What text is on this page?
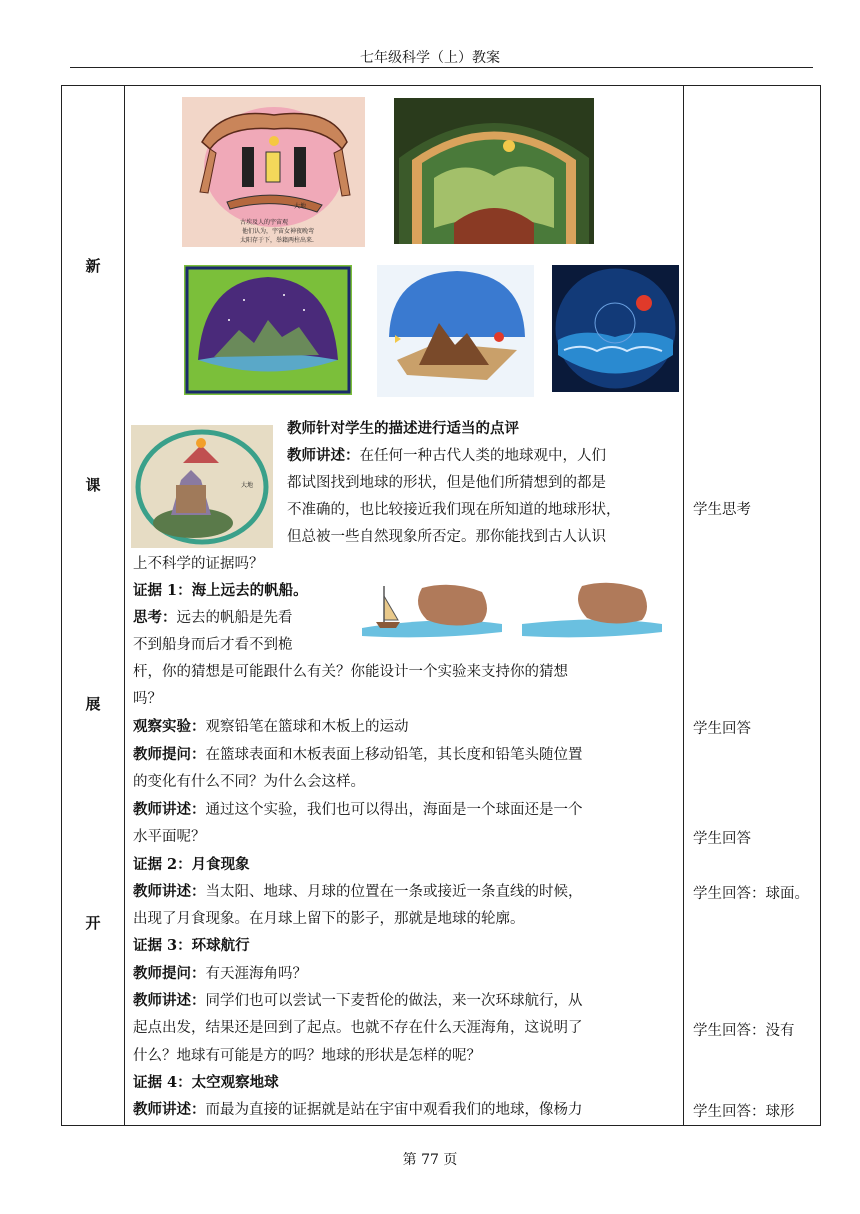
七年级科学（上）教案
新
课
展
开
大地
古埃及人的宇宙观
他们认为，宇宙女神夜晚弯
太阳存于下，举籍两柱出来.
大地
教师针对学生的描述进行适当的点评
教师讲述：在任何一种古代人类的地球观中，人们
都试图找到地球的形状，但是他们所猜想到的都是
不准确的，也比较接近我们现在所知道的地球形状，
但总被一些自然现象所否定。那你能找到古人认识
上不科学的证据吗？
证据 1：海上远去的帆船。
思考：远去的帆船是先看
不到船身而后才看不到桅
杆，你的猜想是可能跟什么有关？你能设计一个实验来支持你的猜想
吗？
观察实验：观察铅笔在篮球和木板上的运动
教师提问：在篮球表面和木板表面上移动铅笔，其长度和铅笔头随位置
的变化有什么不同？为什么会这样。
教师讲述：通过这个实验，我们也可以得出，海面是一个球面还是一个
水平面呢？
证据 2：月食现象
教师讲述：当太阳、地球、月球的位置在一条或接近一条直线的时候，
出现了月食现象。在月球上留下的影子，那就是地球的轮廓。
证据 3：环球航行
教师提问：有天涯海角吗？
教师讲述：同学们也可以尝试一下麦哲伦的做法，来一次环球航行，从
起点出发，结果还是回到了起点。也就不存在什么天涯海角，这说明了
什么？地球有可能是方的吗？地球的形状是怎样的呢？
证据 4：太空观察地球
教师讲述：而最为直接的证据就是站在宇宙中观看我们的地球，像杨力
学生思考
学生回答
学生回答
学生回答：球面。
学生回答：没有
学生回答：球形
第 77 页
